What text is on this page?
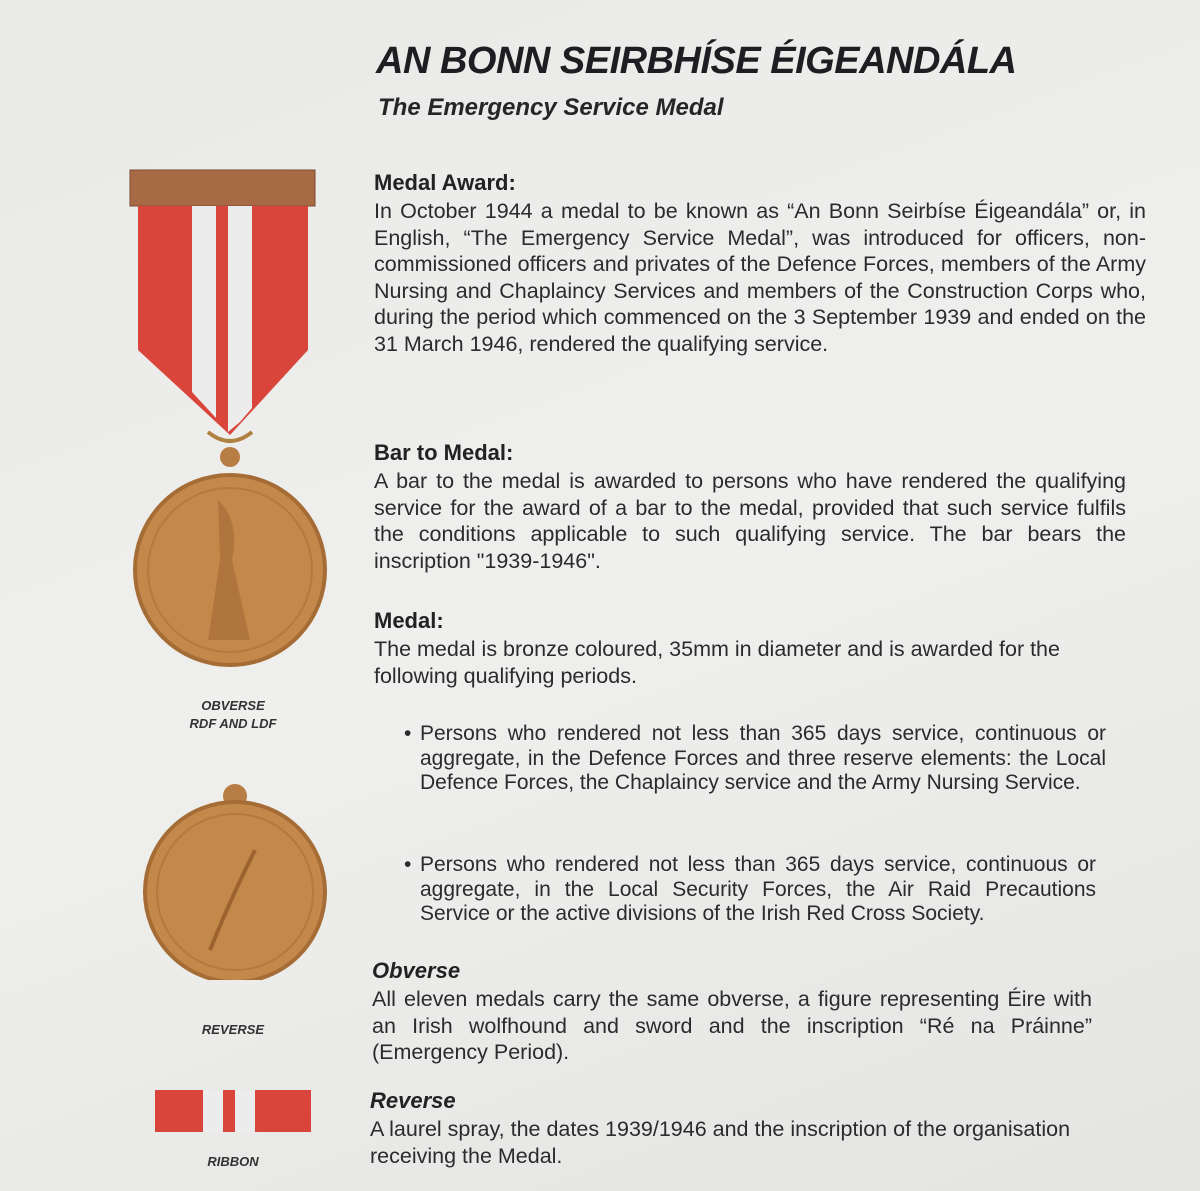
AN BONN SEIRBHÍSE ÉIGEANDÁLA
The Emergency Service Medal
Medal Award:

In October 1944 a medal to be known as “An Bonn Seirbíse Éigeandála” or, in English, “The Emergency Service Medal”, was introduced for officers, non-commissioned officers and privates of the Defence Forces, members of the Army Nursing and Chaplaincy Services and members of the Construction Corps who, during the period which commenced on the 3 September 1939 and ended on the 31 March 1946, rendered the qualifying service.

Bar to Medal:

A bar to the medal is awarded to persons who have rendered the qualifying service for the award of a bar to the medal, provided that such service fulfils the conditions applicable to such qualifying service. The bar bears the inscription "1939-1946".

Medal:

The medal is bronze coloured, 35mm in diameter and is awarded for the following qualifying periods.

• Persons who rendered not less than 365 days service, continuous or aggregate, in the Defence Forces and three reserve elements: the Local Defence Forces, the Chaplaincy service and the Army Nursing Service.

• Persons who rendered not less than 365 days service, continuous or aggregate, in the Local Security Forces, the Air Raid Precautions Service or the active divisions of the Irish Red Cross Society.

Obverse

All eleven medals carry the same obverse, a figure representing Éire with an Irish wolfhound and sword and the inscription “Ré na Práinne” (Emergency Period).

Reverse

A laurel spray, the dates 1939/1946 and the inscription of the organisation receiving the Medal.

OBVERSE
RDF AND LDF
REVERSE
RIBBON
